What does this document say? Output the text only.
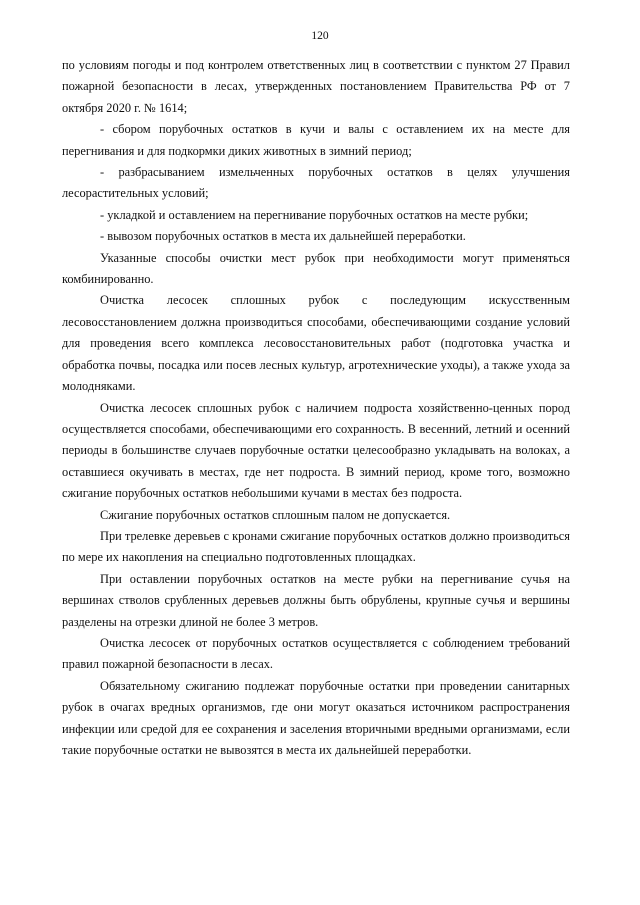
120

по условиям погоды и под контролем ответственных лиц в соответствии с пунктом 27 Правил пожарной безопасности в лесах, утвержденных постановлением Правительства РФ от 7 октября 2020 г. № 1614;

- сбором порубочных остатков в кучи и валы с оставлением их на месте для перегнивания и для подкормки диких животных в зимний период;

- разбрасыванием измельченных порубочных остатков в целях улучшения лесорастительных условий;

- укладкой и оставлением на перегнивание порубочных остатков на месте рубки;

- вывозом порубочных остатков в места их дальнейшей переработки.

Указанные способы очистки мест рубок при необходимости могут применяться комбинированно.

Очистка лесосек сплошных рубок с последующим искусственным лесовосстановлением должна производиться способами, обеспечивающими создание условий для проведения всего комплекса лесовосстановительных работ (подготовка участка и обработка почвы, посадка или посев лесных культур, агротехнические уходы), а также ухода за молодняками.

Очистка лесосек сплошных рубок с наличием подроста хозяйственно-ценных пород осуществляется способами, обеспечивающими его сохранность. В весенний, летний и осенний периоды в большинстве случаев порубочные остатки целесообразно укладывать на волоках, а оставшиеся окучивать в местах, где нет подроста. В зимний период, кроме того, возможно сжигание порубочных остатков небольшими кучами в местах без подроста.

Сжигание порубочных остатков сплошным палом не допускается.

При трелевке деревьев с кронами сжигание порубочных остатков должно производиться по мере их накопления на специально подготовленных площадках.

При оставлении порубочных остатков на месте рубки на перегнивание сучья на вершинах стволов срубленных деревьев должны быть обрублены, крупные сучья и вершины разделены на отрезки длиной не более 3 метров.

Очистка лесосек от порубочных остатков осуществляется с соблюдением требований правил пожарной безопасности в лесах.

Обязательному сжиганию подлежат порубочные остатки при проведении санитарных рубок в очагах вредных организмов, где они могут оказаться источником распространения инфекции или средой для ее сохранения и заселения вторичными вредными организмами, если такие порубочные остатки не вывозятся в места их дальнейшей переработки.
